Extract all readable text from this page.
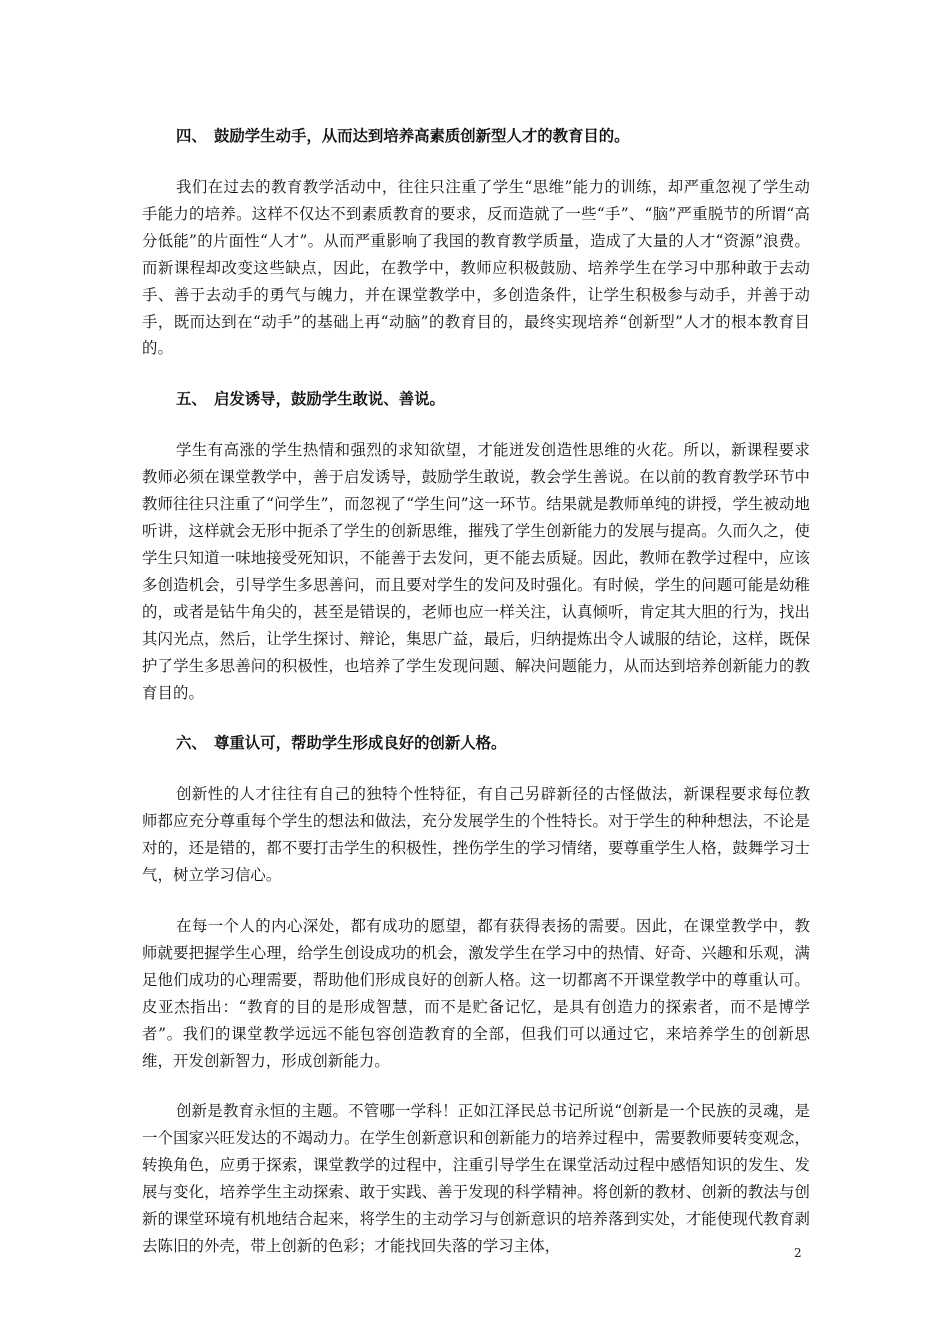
四、 鼓励学生动手，从而达到培养高素质创新型人才的教育目的。

我们在过去的教育教学活动中，往往只注重了学生“思维”能力的训练，却严重忽视了学生动手能力的培养。这样不仅达不到素质教育的要求，反而造就了一些“手”、“脑”严重脱节的所谓“高分低能”的片面性“人才”。从而严重影响了我国的教育教学质量，造成了大量的人才“资源”浪费。而新课程却改变这些缺点，因此，在教学中，教师应积极鼓励、培养学生在学习中那种敢于去动手、善于去动手的勇气与魄力，并在课堂教学中，多创造条件，让学生积极参与动手，并善于动手，既而达到在“动手”的基础上再“动脑”的教育目的，最终实现培养“创新型”人才的根本教育目的。

五、 启发诱导，鼓励学生敢说、善说。

学生有高涨的学生热情和强烈的求知欲望，才能迸发创造性思维的火花。所以，新课程要求教师必须在课堂教学中，善于启发诱导，鼓励学生敢说，教会学生善说。在以前的教育教学环节中教师往往只注重了“问学生”，而忽视了“学生问”这一环节。结果就是教师单纯的讲授，学生被动地听讲，这样就会无形中扼杀了学生的创新思维，摧残了学生创新能力的发展与提高。久而久之，使学生只知道一味地接受死知识，不能善于去发问，更不能去质疑。因此，教师在教学过程中，应该多创造机会，引导学生多思善问，而且要对学生的发问及时强化。有时候，学生的问题可能是幼稚的，或者是钻牛角尖的，甚至是错误的，老师也应一样关注，认真倾听，肯定其大胆的行为，找出其闪光点，然后，让学生探讨、辩论，集思广益，最后，归纳提炼出令人诚服的结论，这样，既保护了学生多思善问的积极性，也培养了学生发现问题、解决问题能力，从而达到培养创新能力的教育目的。

六、 尊重认可，帮助学生形成良好的创新人格。

创新性的人才往往有自己的独特个性特征，有自己另辟新径的古怪做法，新课程要求每位教师都应充分尊重每个学生的想法和做法，充分发展学生的个性特长。对于学生的种种想法，不论是对的，还是错的，都不要打击学生的积极性，挫伤学生的学习情绪，要尊重学生人格，鼓舞学习士气，树立学习信心。

在每一个人的内心深处，都有成功的愿望，都有获得表扬的需要。因此，在课堂教学中，教师就要把握学生心理，给学生创设成功的机会，激发学生在学习中的热情、好奇、兴趣和乐观，满足他们成功的心理需要，帮助他们形成良好的创新人格。这一切都离不开课堂教学中的尊重认可。皮亚杰指出：“教育的目的是形成智慧，而不是贮备记忆，是具有创造力的探索者，而不是博学者”。我们的课堂教学远远不能包容创造教育的全部，但我们可以通过它，来培养学生的创新思维，开发创新智力，形成创新能力。

创新是教育永恒的主题。不管哪一学科！正如江泽民总书记所说“创新是一个民族的灵魂，是一个国家兴旺发达的不竭动力。在学生创新意识和创新能力的培养过程中，需要教师要转变观念，转换角色，应勇于探索，课堂教学的过程中，注重引导学生在课堂活动过程中感悟知识的发生、发展与变化，培养学生主动探索、敢于实践、善于发现的科学精神。将创新的教材、创新的教法与创新的课堂环境有机地结合起来，将学生的主动学习与创新意识的培养落到实处，才能使现代教育剥去陈旧的外壳，带上创新的色彩；才能找回失落的学习主体，	2
